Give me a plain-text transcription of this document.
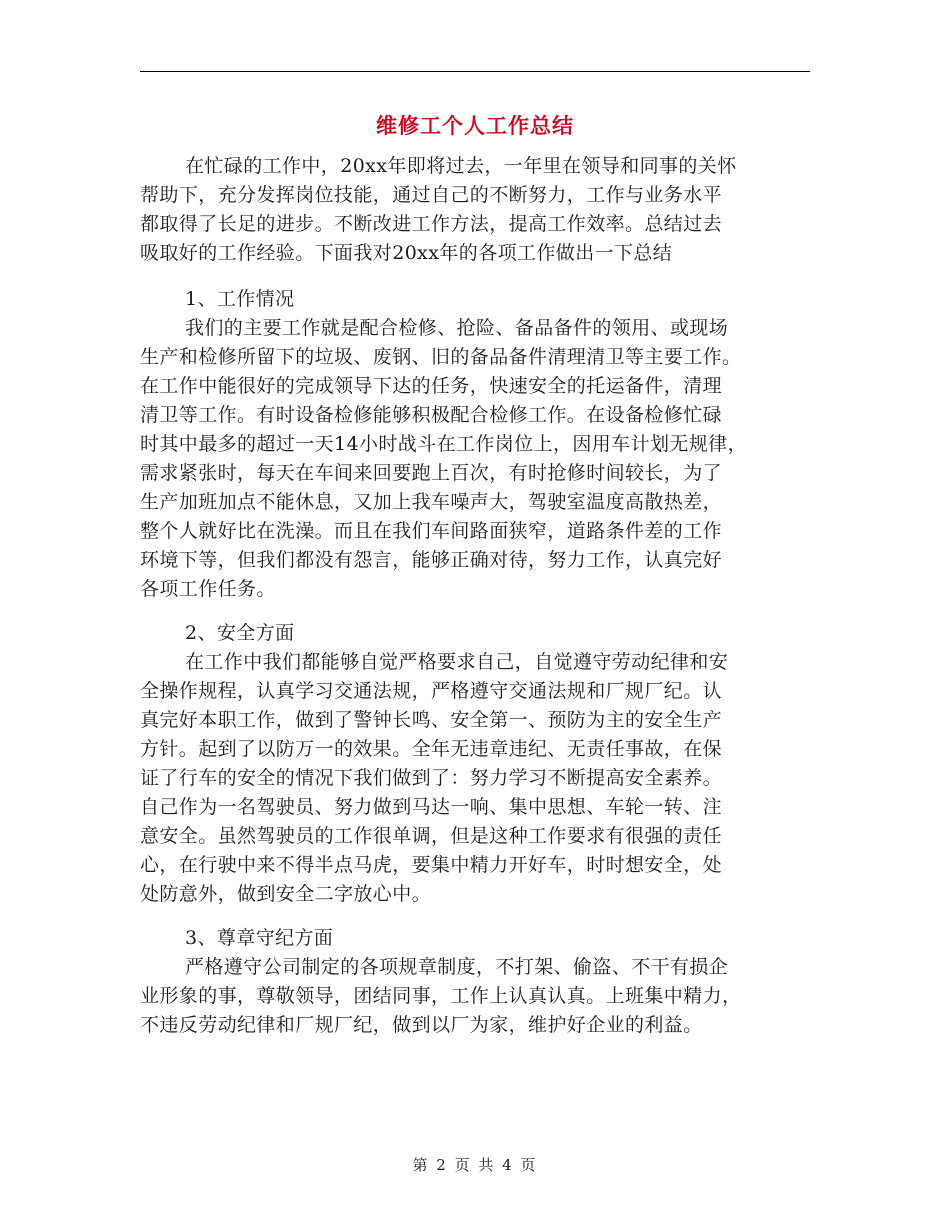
维修工个人工作总结
在忙碌的工作中，20xx年即将过去，一年里在领导和同事的关怀
帮助下，充分发挥岗位技能，通过自己的不断努力，工作与业务水平
都取得了长足的进步。不断改进工作方法，提高工作效率。总结过去
吸取好的工作经验。下面我对20xx年的各项工作做出一下总结
1、工作情况
我们的主要工作就是配合检修、抢险、备品备件的领用、或现场
生产和检修所留下的垃圾、废钢、旧的备品备件清理清卫等主要工作。
在工作中能很好的完成领导下达的任务，快速安全的托运备件，清理
清卫等工作。有时设备检修能够积极配合检修工作。在设备检修忙碌
时其中最多的超过一天14小时战斗在工作岗位上，因用车计划无规律，
需求紧张时，每天在车间来回要跑上百次，有时抢修时间较长，为了
生产加班加点不能休息，又加上我车噪声大，驾驶室温度高散热差，
整个人就好比在洗澡。而且在我们车间路面狭窄，道路条件差的工作
环境下等，但我们都没有怨言，能够正确对待，努力工作，认真完好
各项工作任务。
2、安全方面
在工作中我们都能够自觉严格要求自己，自觉遵守劳动纪律和安
全操作规程，认真学习交通法规，严格遵守交通法规和厂规厂纪。认
真完好本职工作，做到了警钟长鸣、安全第一、预防为主的安全生产
方针。起到了以防万一的效果。全年无违章违纪、无责任事故，在保
证了行车的安全的情况下我们做到了：努力学习不断提高安全素养。
自己作为一名驾驶员、努力做到马达一响、集中思想、车轮一转、注
意安全。虽然驾驶员的工作很单调，但是这种工作要求有很强的责任
心，在行驶中来不得半点马虎，要集中精力开好车，时时想安全，处
处防意外，做到安全二字放心中。
3、尊章守纪方面
严格遵守公司制定的各项规章制度，不打架、偷盗、不干有损企
业形象的事，尊敬领导，团结同事，工作上认真认真。上班集中精力，
不违反劳动纪律和厂规厂纪，做到以厂为家，维护好企业的利益。
第 2 页 共 4 页
